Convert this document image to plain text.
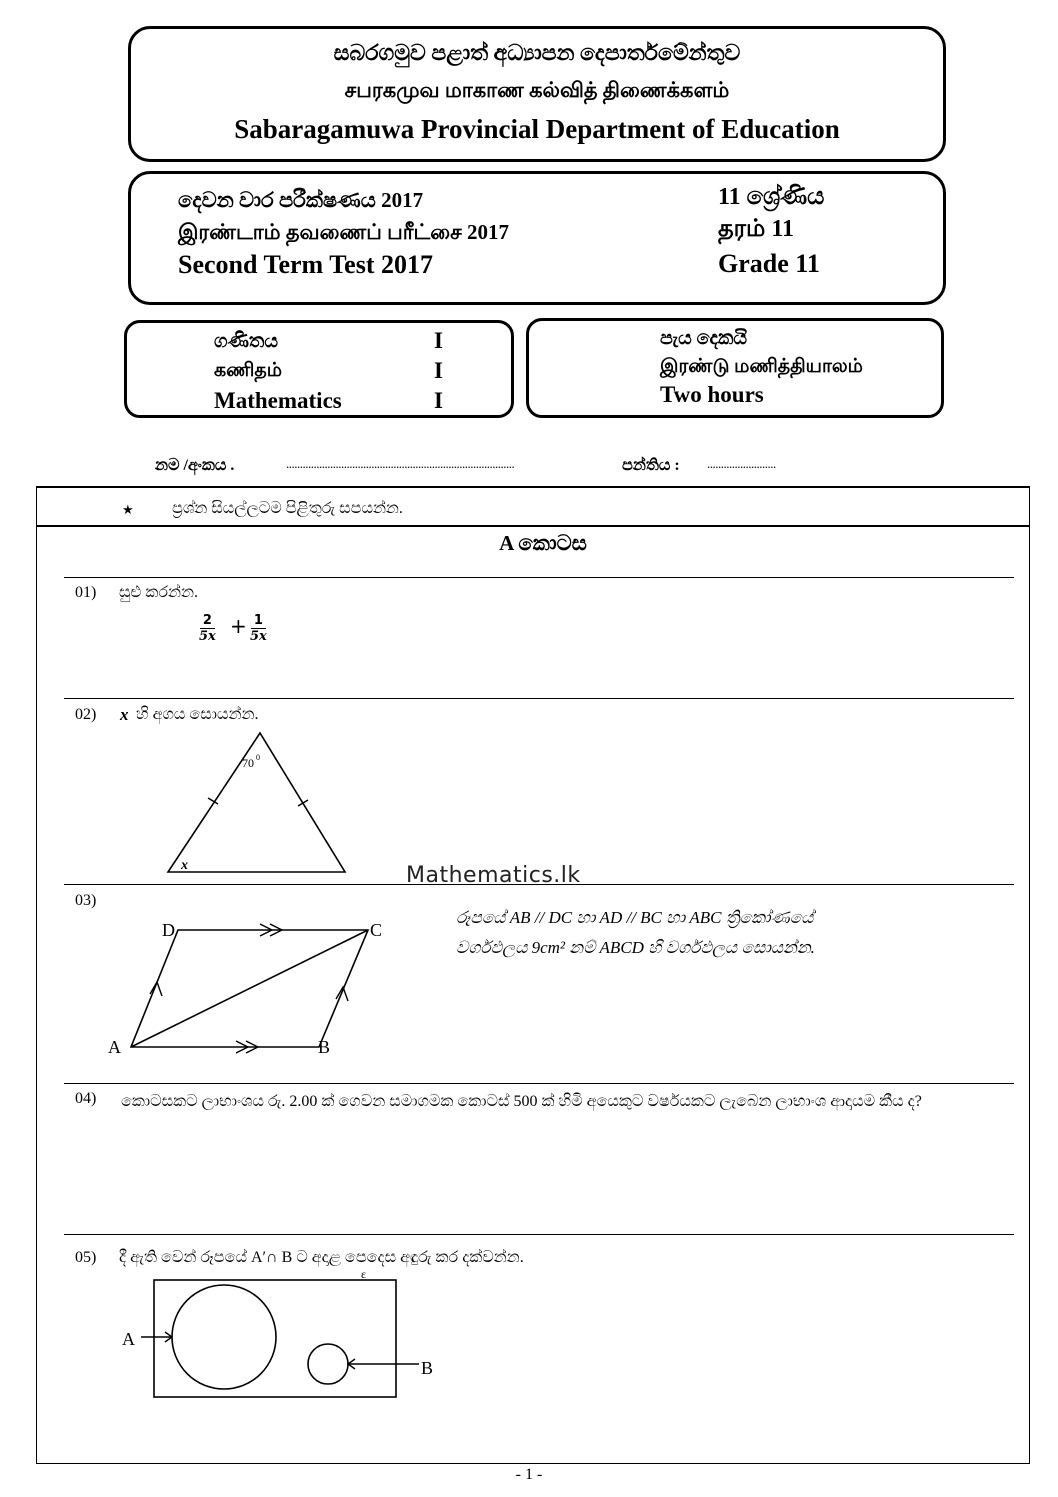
සබරගමුව පළාත් අධ්‍යාපන දෙපාර්තමේන්තුව
சபரகமுவ மாகாண கல்வித் திணைக்களம்
Sabaragamuwa Provincial Department of Education
දෙවන වාර පරීක්ෂණය 2017
இரண்டாம் தவணைப் பரீட்சை 2017
Second Term Test 2017
11 ශ්‍රේණිය
தரம் 11
Grade 11
ගණිතය	I
கணிதம்	I
Mathematics	I
පැය දෙකයි
இரண்டு மணித்தியாலம்
Two hours
නම /අංකය .	...................................................................................	පන්තිය : .........................
★ ප්‍රශ්න සියල්ලටම පිළිතුරු සපයන්න.
A කොටස
01) සුළු කරන්න.
$\frac{2}{5x} + \frac{1}{5x}$
02) x හි අගය සොයන්න.
70 0
x	Mathematics.lk
03)
A	B
C
D
රූපයේ AB // DC හා AD // BC හා ABC ත්‍රිකෝණයේ
වර්ගඵලය 9cm² නම් ABCD හි වර්ගඵලය සොයන්න.
04)	කොටසකට ලාභාංශය රු. 2.00 ක් ගෙවන සමාගමක කොටස් 500 ක් හිමි අයෙකුට වර්ෂයකට ලැබෙන ලාභාංශ ආදායම කීය ද?
05) දී ඇති වෙන් රූපයේ A′∩ B ට අදාළ පෙදෙස අඳුරු කර දක්වන්න.
ε
A
B
- 1 -
